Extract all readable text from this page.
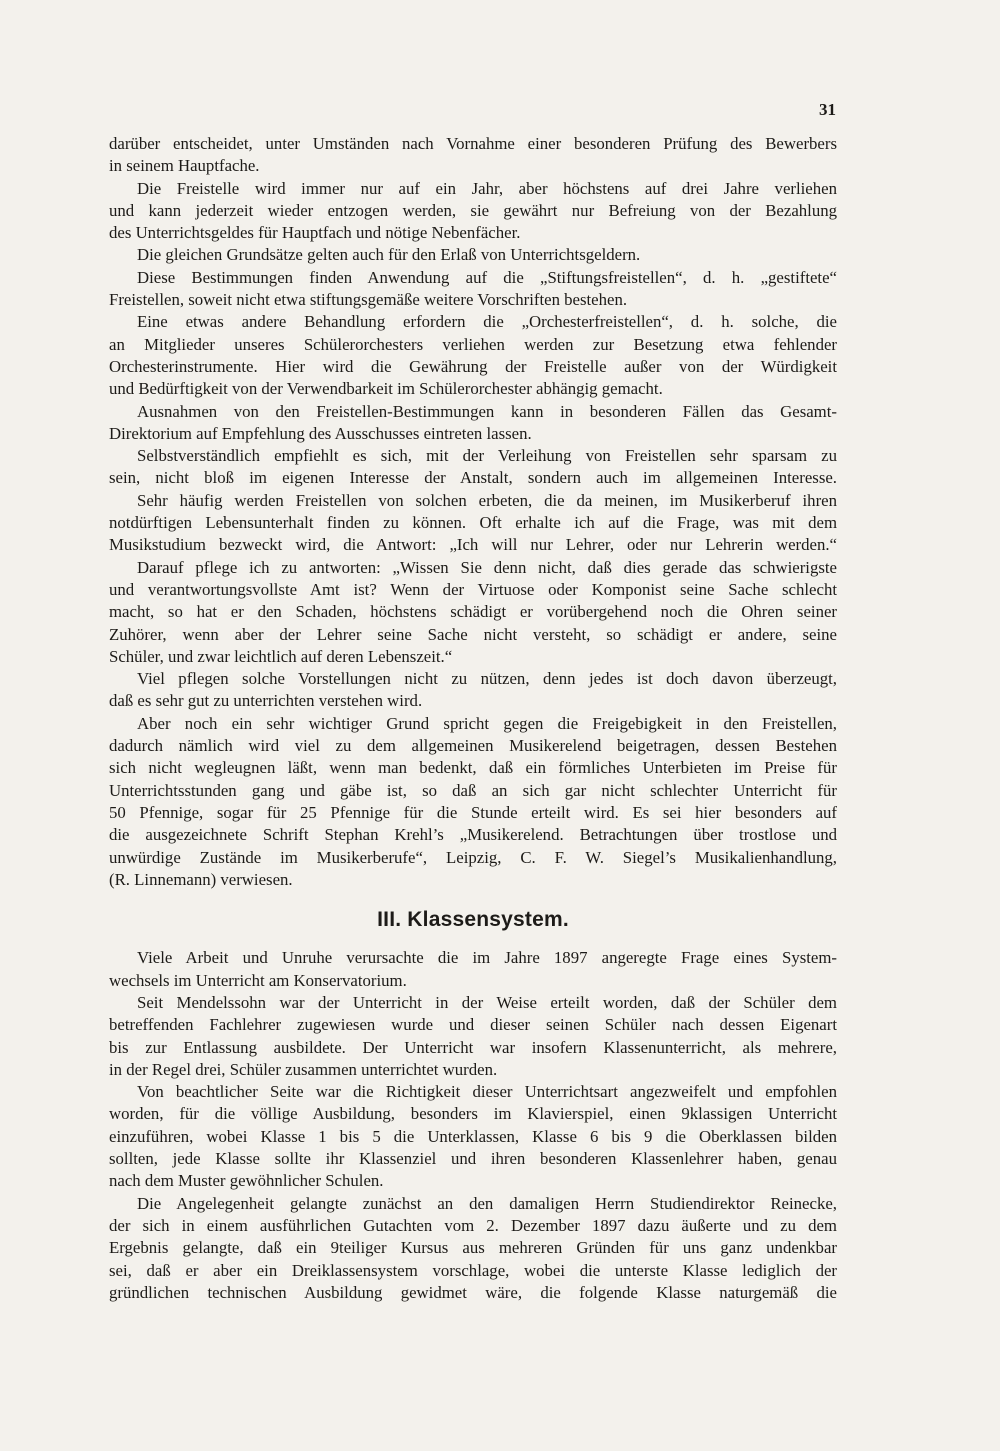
31
darüber entscheidet, unter Umständen nach Vornahme einer besonderen Prüfung des Bewerbers
in seinem Hauptfache.
Die Freistelle wird immer nur auf ein Jahr, aber höchstens auf drei Jahre verliehen
und kann jederzeit wieder entzogen werden, sie gewährt nur Befreiung von der Bezahlung
des Unterrichtsgeldes für Hauptfach und nötige Nebenfächer.
Die gleichen Grundsätze gelten auch für den Erlaß von Unterrichtsgeldern.
Diese Bestimmungen finden Anwendung auf die „Stiftungsfreistellen“, d. h. „gestiftete“
Freistellen, soweit nicht etwa stiftungsgemäße weitere Vorschriften bestehen.
Eine etwas andere Behandlung erfordern die „Orchesterfreistellen“, d. h. solche, die
an Mitglieder unseres Schülerorchesters verliehen werden zur Besetzung etwa fehlender
Orchesterinstrumente. Hier wird die Gewährung der Freistelle außer von der Würdigkeit
und Bedürftigkeit von der Verwendbarkeit im Schülerorchester abhängig gemacht.
Ausnahmen von den Freistellen-Bestimmungen kann in besonderen Fällen das Gesamt-
Direktorium auf Empfehlung des Ausschusses eintreten lassen.
Selbstverständlich empfiehlt es sich, mit der Verleihung von Freistellen sehr sparsam zu
sein, nicht bloß im eigenen Interesse der Anstalt, sondern auch im allgemeinen Interesse.
Sehr häufig werden Freistellen von solchen erbeten, die da meinen, im Musikerberuf ihren
notdürftigen Lebensunterhalt finden zu können. Oft erhalte ich auf die Frage, was mit dem
Musikstudium bezweckt wird, die Antwort: „Ich will nur Lehrer, oder nur Lehrerin werden.“
Darauf pflege ich zu antworten: „Wissen Sie denn nicht, daß dies gerade das schwierigste
und verantwortungsvollste Amt ist? Wenn der Virtuose oder Komponist seine Sache schlecht
macht, so hat er den Schaden, höchstens schädigt er vorübergehend noch die Ohren seiner
Zuhörer, wenn aber der Lehrer seine Sache nicht versteht, so schädigt er andere, seine
Schüler, und zwar leichtlich auf deren Lebenszeit.“
Viel pflegen solche Vorstellungen nicht zu nützen, denn jedes ist doch davon überzeugt,
daß es sehr gut zu unterrichten verstehen wird.
Aber noch ein sehr wichtiger Grund spricht gegen die Freigebigkeit in den Freistellen,
dadurch nämlich wird viel zu dem allgemeinen Musikerelend beigetragen, dessen Bestehen
sich nicht wegleugnen läßt, wenn man bedenkt, daß ein förmliches Unterbieten im Preise für
Unterrichtsstunden gang und gäbe ist, so daß an sich gar nicht schlechter Unterricht für
50 Pfennige, sogar für 25 Pfennige für die Stunde erteilt wird. Es sei hier besonders auf
die ausgezeichnete Schrift Stephan Krehl’s „Musikerelend. Betrachtungen über trostlose und
unwürdige Zustände im Musikerberufe“, Leipzig, C. F. W. Siegel’s Musikalienhandlung,
(R. Linnemann) verwiesen.
III. Klassensystem.
Viele Arbeit und Unruhe verursachte die im Jahre 1897 angeregte Frage eines System-
wechsels im Unterricht am Konservatorium.
Seit Mendelssohn war der Unterricht in der Weise erteilt worden, daß der Schüler dem
betreffenden Fachlehrer zugewiesen wurde und dieser seinen Schüler nach dessen Eigenart
bis zur Entlassung ausbildete. Der Unterricht war insofern Klassenunterricht, als mehrere,
in der Regel drei, Schüler zusammen unterrichtet wurden.
Von beachtlicher Seite war die Richtigkeit dieser Unterrichtsart angezweifelt und empfohlen
worden, für die völlige Ausbildung, besonders im Klavierspiel, einen 9klassigen Unterricht
einzuführen, wobei Klasse 1 bis 5 die Unterklassen, Klasse 6 bis 9 die Oberklassen bilden
sollten, jede Klasse sollte ihr Klassenziel und ihren besonderen Klassenlehrer haben, genau
nach dem Muster gewöhnlicher Schulen.
Die Angelegenheit gelangte zunächst an den damaligen Herrn Studiendirektor Reinecke,
der sich in einem ausführlichen Gutachten vom 2. Dezember 1897 dazu äußerte und zu dem
Ergebnis gelangte, daß ein 9teiliger Kursus aus mehreren Gründen für uns ganz undenkbar
sei, daß er aber ein Dreiklassensystem vorschlage, wobei die unterste Klasse lediglich der
gründlichen technischen Ausbildung gewidmet wäre, die folgende Klasse naturgemäß die
